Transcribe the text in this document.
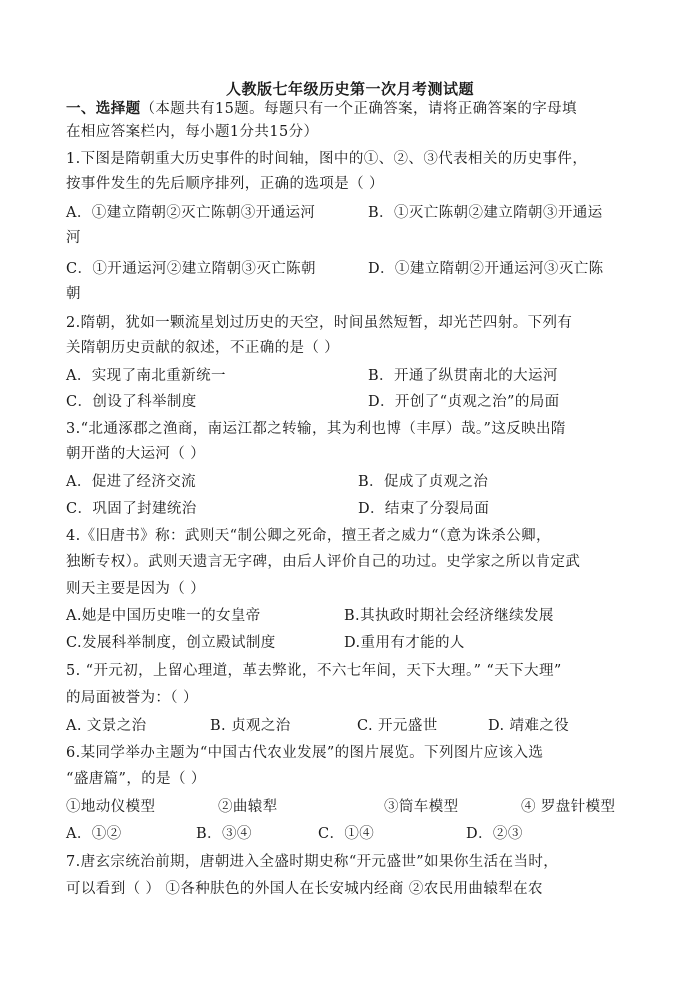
人教版七年级历史第一次月考测试题
一、选择题（本题共有15题。每题只有一个正确答案，请将正确答案的字母填
在相应答案栏内，每小题1分共15分）
1.下图是隋朝重大历史事件的时间轴，图中的①、②、③代表相关的历史事件，
按事件发生的先后顺序排列，正确的选项是（ ）
A．①建立隋朝②灭亡陈朝③开通运河	B．①灭亡陈朝②建立隋朝③开通运
河
C．①开通运河②建立隋朝③灭亡陈朝	D．①建立隋朝②开通运河③灭亡陈
朝
2.隋朝，犹如一颗流星划过历史的天空，时间虽然短暂，却光芒四射。下列有
关隋朝历史贡献的叙述，不正确的是（ ）
A．实现了南北重新统一	B．开通了纵贯南北的大运河
C．创设了科举制度	D．开创了“贞观之治”的局面
3.“北通涿郡之渔商，南运江都之转输，其为利也博（丰厚）哉。”这反映出隋
朝开凿的大运河（ ）
A．促进了经济交流	B．促成了贞观之治
C．巩固了封建统治	D．结束了分裂局面
4.《旧唐书》称：武则天“制公卿之死命，擅王者之威力“（意为诛杀公卿，
独断专权）。武则天遗言无字碑，由后人评价自己的功过。史学家之所以肯定武
则天主要是因为（ ）
A.她是中国历史唯一的女皇帝	B.其执政时期社会经济继续发展
C.发展科举制度，创立殿试制度	D.重用有才能的人
5. “开元初，上留心理道，革去弊讹，不六七年间，天下大理。” “天下大理”
的局面被誉为：（ ）
A. 文景之治	B. 贞观之治	C. 开元盛世	D. 靖难之役
6.某同学举办主题为“中国古代农业发展”的图片展览。下列图片应该入选
“盛唐篇”，的是（ ）
①地动仪模型	②曲辕犁	③筒车模型	④ 罗盘针模型
A．①②	B．③④	C．①④	D．②③
7.唐玄宗统治前期，唐朝进入全盛时期史称“开元盛世”如果你生活在当时，
可以看到（ ） ①各种肤色的外国人在长安城内经商 ②农民用曲辕犁在农
